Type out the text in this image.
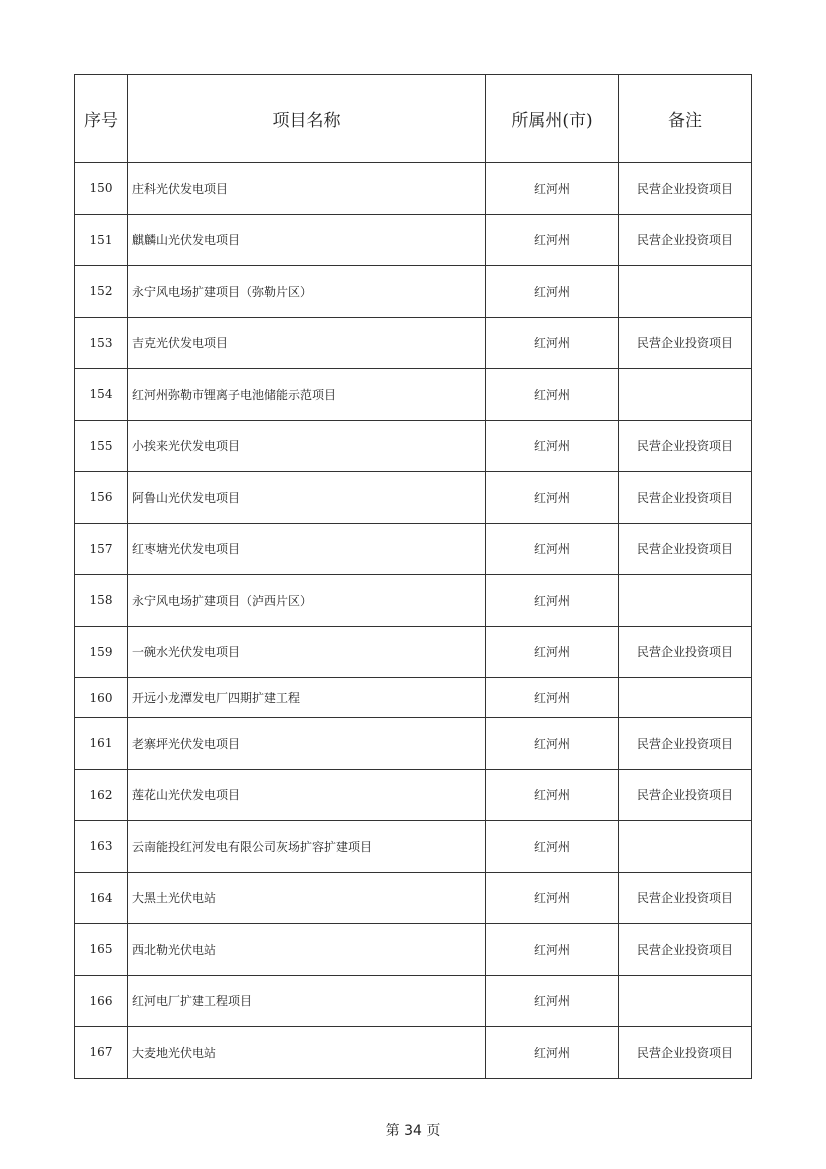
序号	项目名称	所属州(市)	备注
150	庄科光伏发电项目	红河州	民营企业投资项目
151	麒麟山光伏发电项目	红河州	民营企业投资项目
152	永宁风电场扩建项目（弥勒片区）	红河州	
153	吉克光伏发电项目	红河州	民营企业投资项目
154	红河州弥勒市锂离子电池储能示范项目	红河州	
155	小挨来光伏发电项目	红河州	民营企业投资项目
156	阿鲁山光伏发电项目	红河州	民营企业投资项目
157	红枣塘光伏发电项目	红河州	民营企业投资项目
158	永宁风电场扩建项目（泸西片区）	红河州	
159	一碗水光伏发电项目	红河州	民营企业投资项目
160	开远小龙潭发电厂四期扩建工程	红河州	
161	老寨坪光伏发电项目	红河州	民营企业投资项目
162	莲花山光伏发电项目	红河州	民营企业投资项目
163	云南能投红河发电有限公司灰场扩容扩建项目	红河州	
164	大黑土光伏电站	红河州	民营企业投资项目
165	西北勒光伏电站	红河州	民营企业投资项目
166	红河电厂扩建工程项目	红河州	
167	大麦地光伏电站	红河州	民营企业投资项目
第 34 页
